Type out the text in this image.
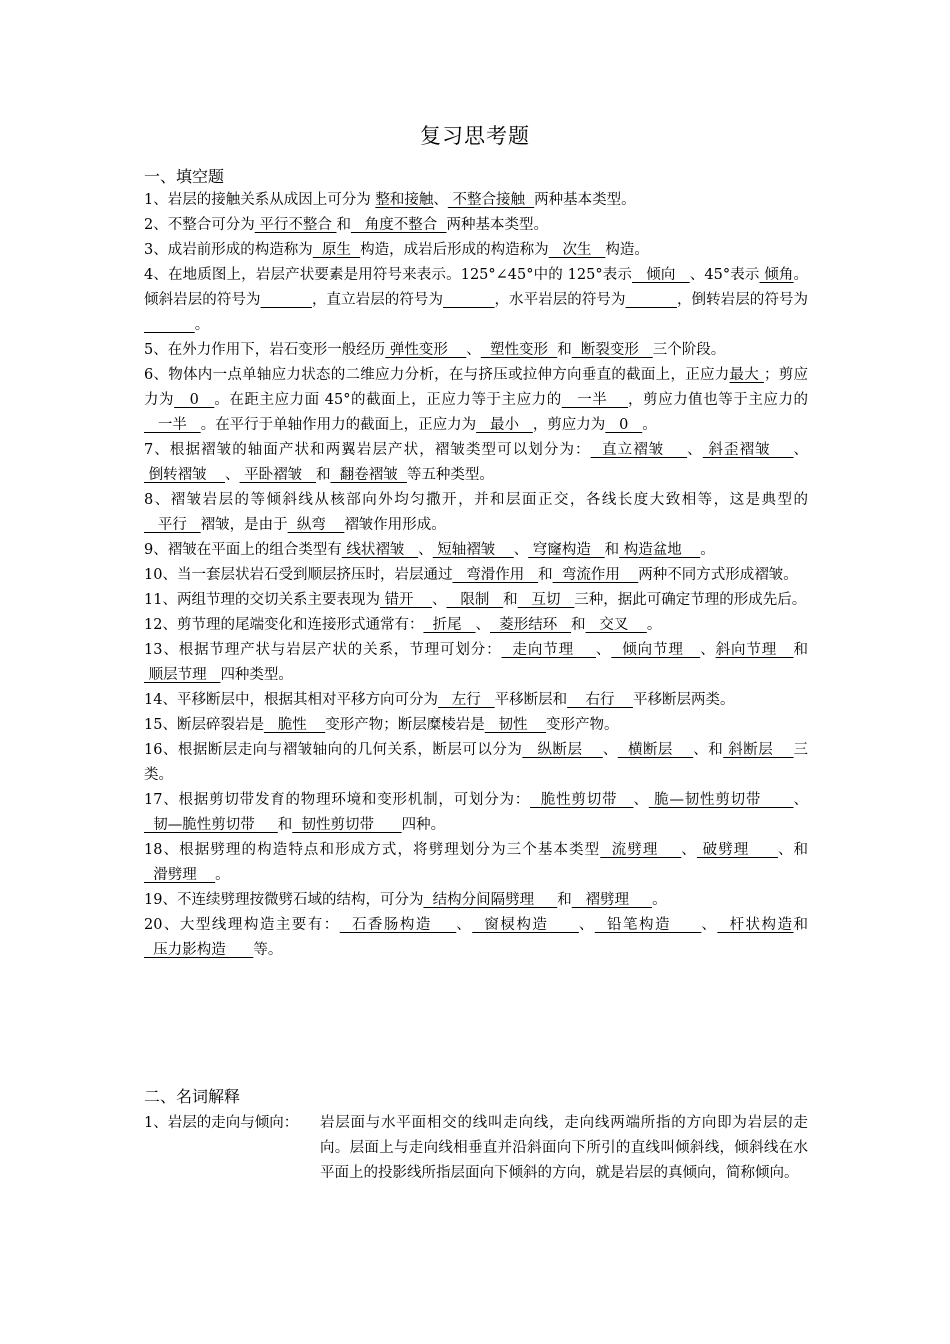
复习思考题
一、填空题

1、岩层的接触关系从成因上可分为 整和接触、 不整合接触  两种基本类型。

2、不整合可分为 平行不整合 和   角度不整合  两种基本类型。

3、成岩前形成的构造称为  原生  构造，成岩后形成的构造称为   次生   构造。

4、在地质图上，岩层产状要素是用符号来表示。125°∠45°中的 125°表示   倾向   、45°表示 倾角。倾斜岩层的符号为	，直立岩层的符号为	，水平岩层的符号为	，倒转岩层的符号为           。

5、在外力作用下，岩石变形一般经历 弹性变形    、  塑性变形  和  断裂变形   三个阶段。

6、物体内一点单轴应力状态的二维应力分析，在与挤压或拉伸方向垂直的截面上，正应力最大 ；剪应力为   0   。在距主应力面 45°的截面上，正应力等于主应力的   一半    ，剪应力值也等于主应力的   一半   。在平行于单轴作用力的截面上，正应力为   最小   ，剪应力为   0   。

7、根据褶皱的轴面产状和两翼岩层产状，褶皱类型可以划分为：  直立褶皱    、 斜歪褶皱    、 倒转褶皱    、 平卧褶皱   和  翻卷褶皱  等五种类型。

8、褶皱岩层的等倾斜线从核部向外均匀撒开，并和层面正交，各线长度大致相等，这是典型的   平行   褶皱，是由于  纵弯    褶皱作用形成。

9、褶皱在平面上的组合类型有 线状褶皱   、 短轴褶皱    、 穹窿构造   和 构造盆地    。

10、当一套层状岩石受到顺层挤压时，岩层通过   弯滑作用   和  弯流作用    两种不同方式形成褶皱。

11、两组节理的交切关系主要表现为 错开    、   限制   和   互切   三种，据此可确定节理的形成先后。

12、剪节理的尾端变化和连接形式通常有：  折尾   、  菱形结环   和   交叉    。

13、根据节理产状与岩层产状的关系，节理可划分：  走向节理    、  倾向节理   、斜向节理   和 顺层节理   四种类型。

14、平移断层中，根据其相对平移方向可分为   左行   平移断层和    右行    平移断层两类。

15、断层碎裂岩是   脆性    变形产物；断层糜棱岩是   韧性    变形产物。

16、根据断层走向与褶皱轴向的几何关系，断层可以分为   纵断层    、  横断层    、和 斜断层    三类。

17、根据剪切带发育的物理环境和变形机制，可划分为：  脆性剪切带   、 脆—韧性剪切带      、  韧—脆性剪切带     和  韧性剪切带      四种。

18、根据劈理的构造特点和形成方式，将劈理划分为三个基本类型  流劈理    、 破劈理     、和  滑劈理    。

19、不连续劈理按微劈石域的结构，可分为  结构分间隔劈理     和   褶劈理     。

20、大型线理构造主要有：  石香肠构造    、  窗棂构造     、  铅笔构造     、  杆状构造和  压力影构造      等。

二、名词解释
1、岩层的走向与倾向：	岩层面与水平面相交的线叫走向线，走向线两端所指的方向即为岩层的走向。层面上与走向线相垂直并沿斜面向下所引的直线叫倾斜线，倾斜线在水平面上的投影线所指层面向下倾斜的方向，就是岩层的真倾向，简称倾向。
